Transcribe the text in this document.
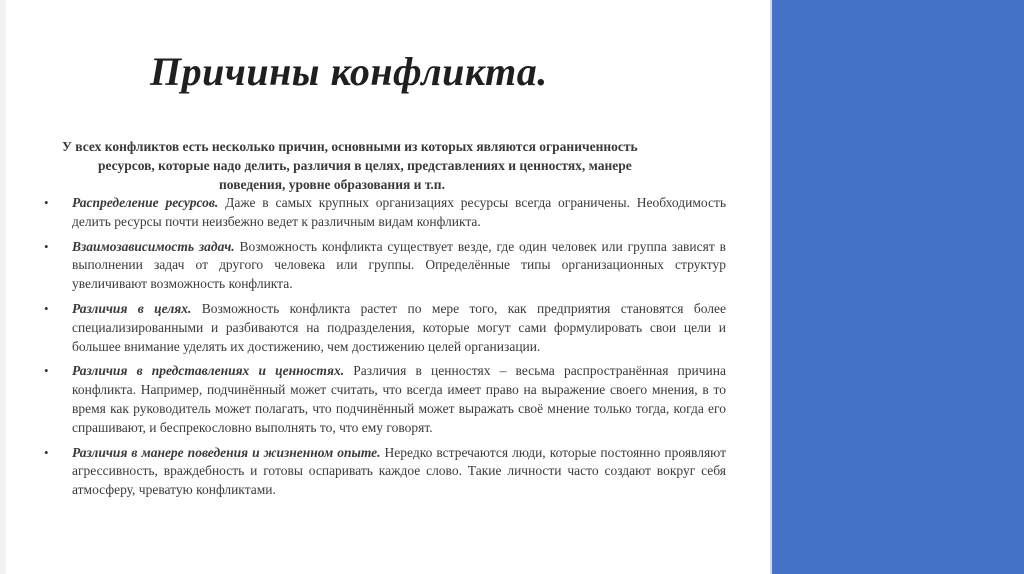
Причины конфликта.

У всех конфликтов есть несколько причин, основными из которых являются ограниченность
ресурсов, которые надо делить, различия в целях, представлениях и ценностях, манере
поведения, уровне образования и т.п.

• Распределение ресурсов. Даже в самых крупных организациях ресурсы всегда ограничены. Необходимость делить ресурсы почти неизбежно ведет к различным видам конфликта.
• Взаимозависимость задач. Возможность конфликта существует везде, где один человек или группа зависят в выполнении задач от другого человека или группы. Определённые типы организационных структур увеличивают возможность конфликта.
• Различия в целях. Возможность конфликта растет по мере того, как предприятия становятся более специализированными и разбиваются на подразделения, которые могут сами формулировать свои цели и большее внимание уделять их достижению, чем достижению целей организации.
• Различия в представлениях и ценностях. Различия в ценностях – весьма распространённая причина конфликта. Например, подчинённый может считать, что всегда имеет право на выражение своего мнения, в то время как руководитель может полагать, что подчинённый может выражать своё мнение только тогда, когда его спрашивают, и беспрекословно выполнять то, что ему говорят.
• Различия в манере поведения и жизненном опыте. Нередко встречаются люди, которые постоянно проявляют агрессивность, враждебность и готовы оспаривать каждое слово. Такие личности часто создают вокруг себя атмосферу, чреватую конфликтами.
